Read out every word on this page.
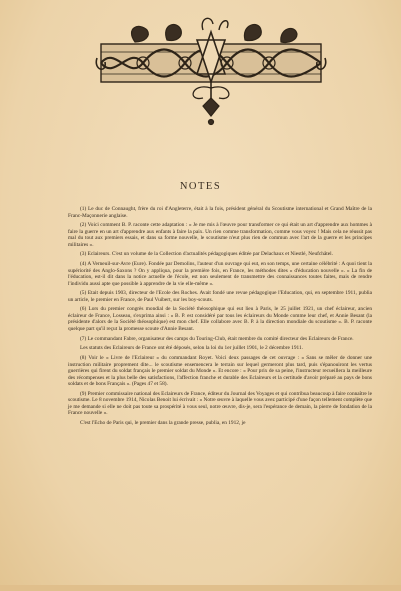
NOTES

(1) Le duc de Connaught, frère du roi d'Angleterre, était à la fois, président général du Scoutisme international et Grand Maître de la Franc-Maçonnerie anglaise.

(2) Voici comment B. P. raconte cette adaptation : « Je me mis à l'œuvre pour transformer ce qui était un art d'apprendre aux hommes à faire la guerre en un art d'apprendre aux enfants à faire la paix. Un rien comme transformation, comme vous voyez ! Mais cela ne réussit pas mal du tout aux premiers essais, et dans sa forme nouvelle, le scoutisme n'eut plus rien de commun avec l'art de la guerre et les principes militaires ».

(3) Eclaireurs. C'est un volume de la Collection d'actualités pédagogiques éditée par Delachaux et Niestlé, Neufchâtel.

(4) A Verneuil-sur-Avre (Eure). Fondée par Demolins, l'auteur d'un ouvrage qui eut, en son temps, une certaine célébrité : A quoi tient la supériorité des Anglo-Saxons ? On y appliqua, pour la première fois, en France, les méthodes dites « d'éducation nouvelle ». « La fin de l'éducation, est-il dit dans la notice actuelle de l'école, est non seulement de transmettre des connaissances toutes faites, mais de rendre l'individu aussi apte que possible à apprendre de la vie elle-même ».

(5) Etait depuis 1903, directeur de l'Ecole des Roches. Avait fondé une revue pédagogique l'Education, qui, en septembre 1911, publia un article, le premier en France, de Paul Vuibert, sur les boy-scouts.

(6) Lors du premier congrès mondial de la Société théosophique qui eut lieu à Paris, le 25 juillet 1921, un chef éclaireur, ancien éclaireur de France, Losseau, s'exprima ainsi : « B. P. est considéré par tous les éclaireurs du Monde comme leur chef, et Annie Besant (la présidente d'alors de la Société théosophique) est mon chef. Elle collabore avec B. P. à la direction mondiale du scoutisme ». B. P. raconte quelque part qu'il reçut la promesse scoute d'Annie Besant.

(7) Le commandant Fabre, organisateur des camps du Touring-Club, était membre du comité directeur des Eclaireurs de France.

Les statuts des Eclaireurs de France ont été déposés, selon la loi du 1er juillet 1901, le 2 décembre 1911.

(8) Voir le « Livre de l'Eclaireur » du commandant Royet. Voici deux passages de cet ouvrage : « Sans se mêler de donner une instruction militaire proprement dite... le scoutisme ensemencera le terrain sur lequel germeront plus tard, puis s'épanouiront les vertus guerrières qui firent du soldat français le premier soldat du Monde ». Et encore : « Pour prix de sa peine, l'instructeur recueillera la meilleure des récompenses et la plus belle des satisfactions, l'affection franche et durable des Eclaireurs et la certitude d'avoir préparé au pays de bons soldats et de bons Français ». (Pages 47 et 58).

(9) Premier commissaire national des Eclaireurs de France, éditeur du Journal des Voyages et qui contribua beaucoup à faire connaître le scoutisme. Le 8 novembre 1914, Nicolas Benoit lui écrivait : « Notre œuvre à laquelle vous avez participé d'une façon tellement complète que je me demande si elle ne doit pas toute sa prospérité à vous seul, notre œuvre, dis-je, sera l'espérance de demain, la pierre de fondation de la France nouvelle ».

C'est l'Echo de Paris qui, le premier dans la grande presse, publia, en 1912, je
